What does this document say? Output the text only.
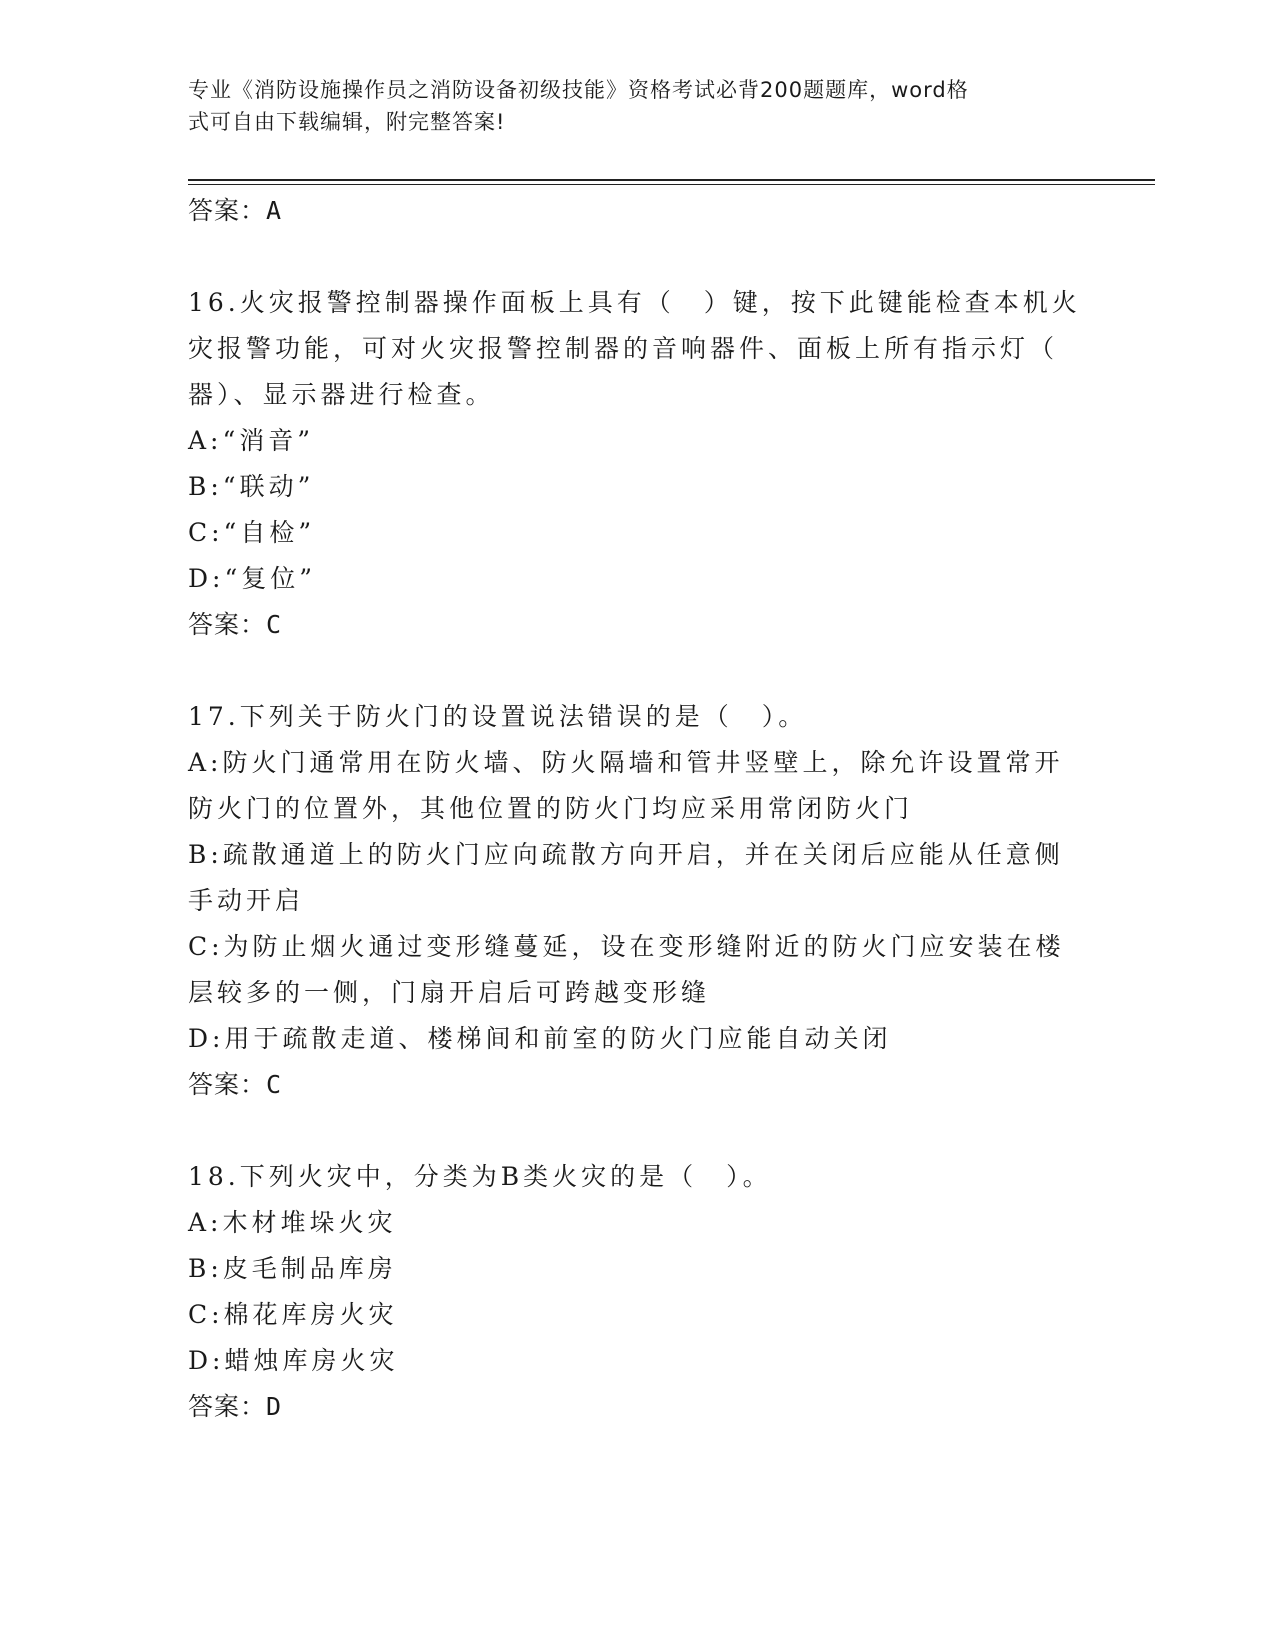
专业《消防设施操作员之消防设备初级技能》资格考试必背200题题库，word格
式可自由下载编辑，附完整答案!
答案：A
16.火灾报警控制器操作面板上具有（　）键，按下此键能检查本机火
灾报警功能，可对火灾报警控制器的音响器件、面板上所有指示灯（
器）、显示器进行检查。
A:“消音”
B:“联动”
C:“自检”
D:“复位”
答案：C
17.下列关于防火门的设置说法错误的是（　）。
A:防火门通常用在防火墙、防火隔墙和管井竖壁上，除允许设置常开
防火门的位置外，其他位置的防火门均应采用常闭防火门
B:疏散通道上的防火门应向疏散方向开启，并在关闭后应能从任意侧
手动开启
C:为防止烟火通过变形缝蔓延，设在变形缝附近的防火门应安装在楼
层较多的一侧，门扇开启后可跨越变形缝
D:用于疏散走道、楼梯间和前室的防火门应能自动关闭
答案：C
18.下列火灾中，分类为B类火灾的是（　）。
A:木材堆垛火灾
B:皮毛制品库房
C:棉花库房火灾
D:蜡烛库房火灾
答案：D
